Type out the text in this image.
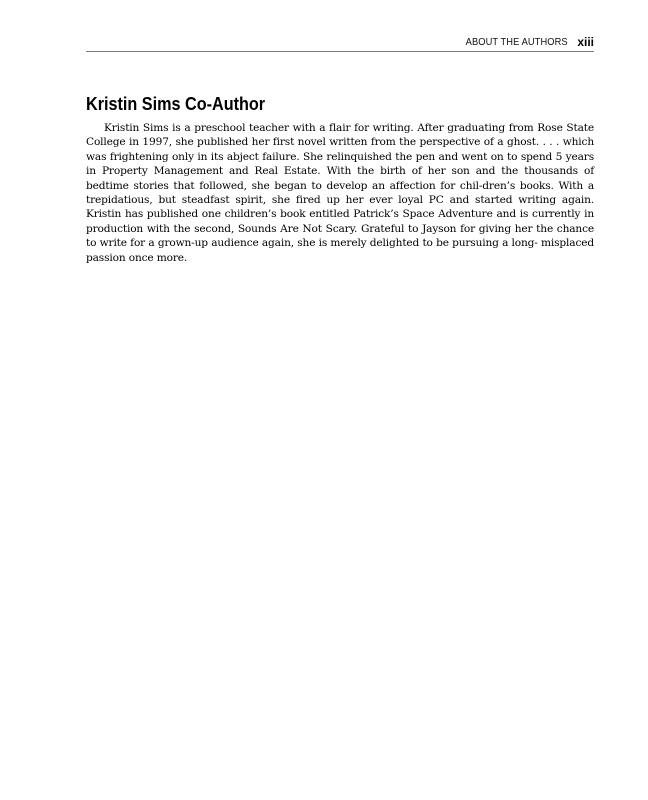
ABOUT THE AUTHORS xiii
Kristin Sims Co-Author

Kristin Sims is a preschool teacher with a flair for writing. After graduating from Rose State College in 1997, she published her first novel written from the perspective of a ghost. . . . which was frightening only in its abject failure. She relinquished the pen and went on to spend 5 years in Property Management and Real Estate. With the birth of her son and the thousands of bedtime stories that followed, she began to develop an affection for chil-dren’s books. With a trepidatious, but steadfast spirit, she fired up her ever loyal PC and started writing again. Kristin has published one children’s book entitled Patrick’s Space Adventure and is currently in production with the second, Sounds Are Not Scary. Grateful to Jayson for giving her the chance to write for a grown-up audience again, she is merely delighted to be pursuing a long- misplaced passion once more.
